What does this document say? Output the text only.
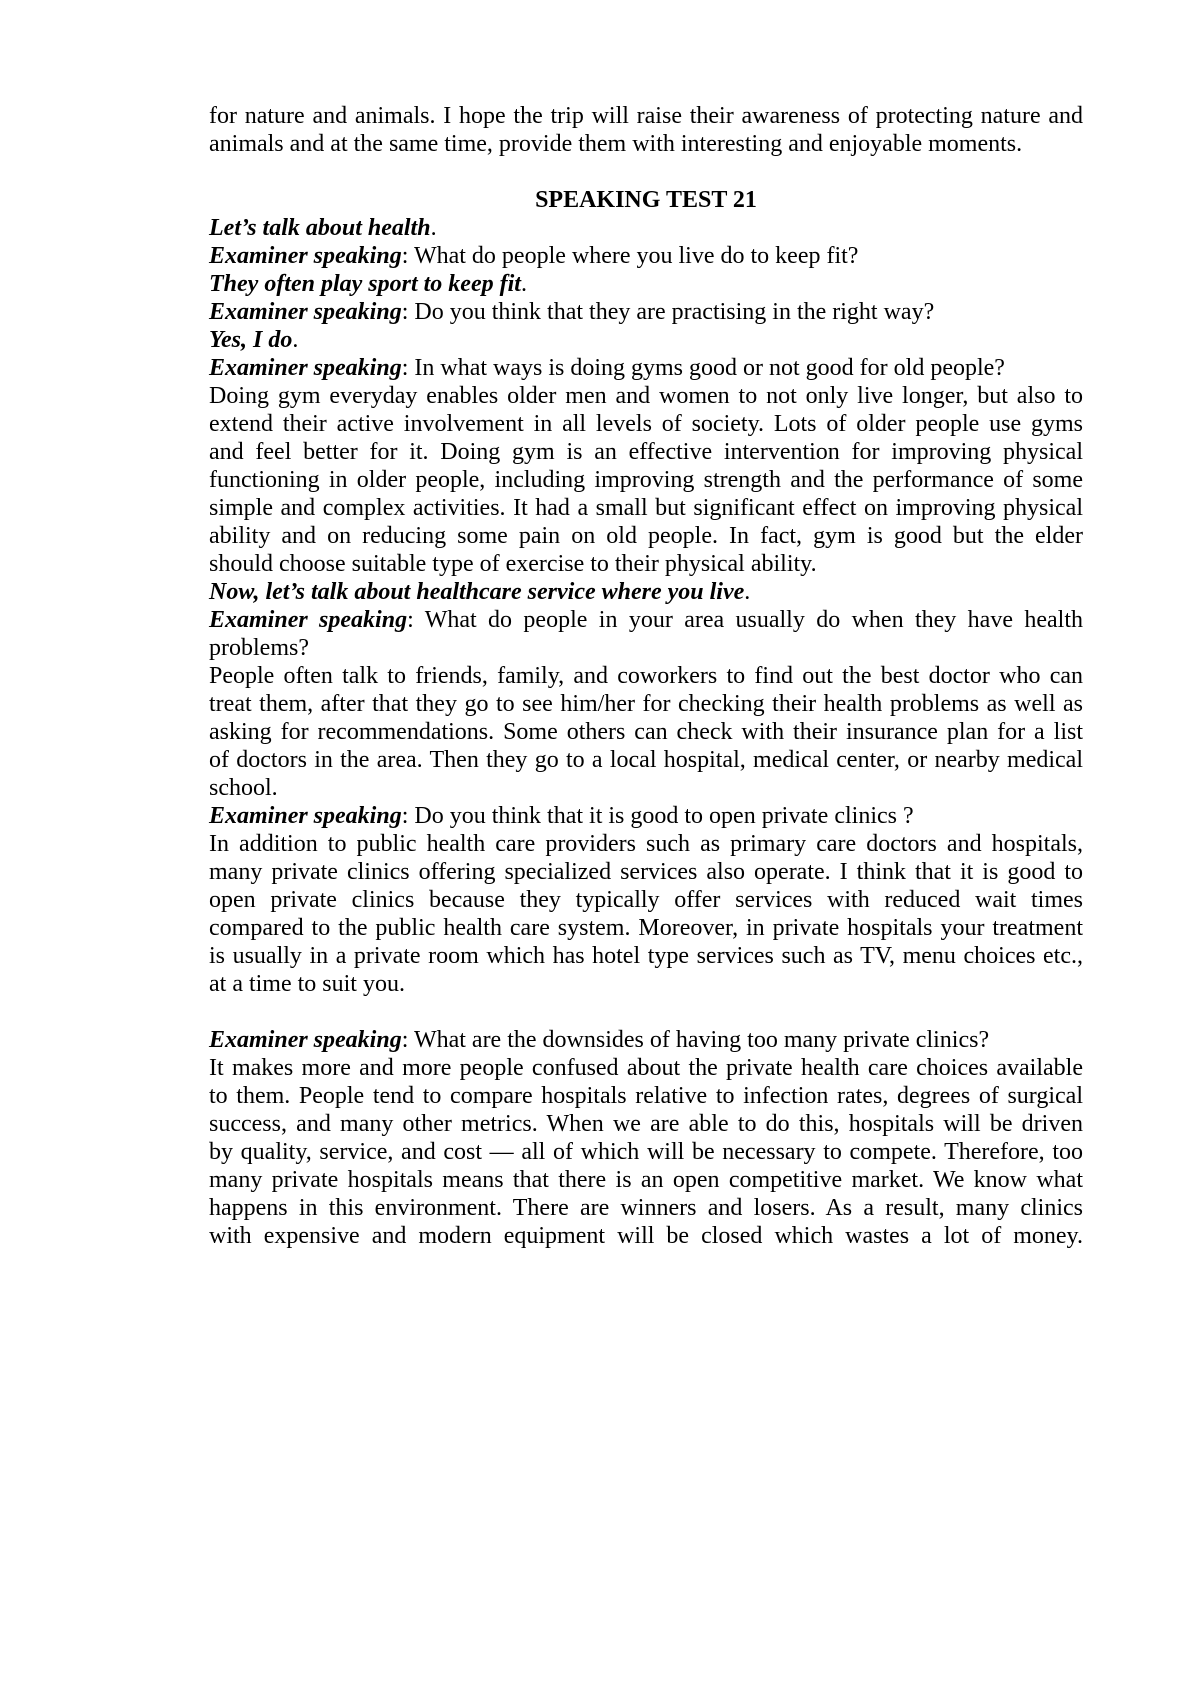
for nature and animals. I hope the trip will raise their awareness of protecting nature and
animals and at the same time, provide them with interesting and enjoyable moments.
SPEAKING TEST 21
Let’s talk about health.
Examiner speaking: What do people where you live do to keep fit?
They often play sport to keep fit.
Examiner speaking: Do you think that they are practising in the right way?
Yes, I do.
Examiner speaking: In what ways is doing gyms good or not good for old people?
Doing gym everyday enables older men and women to not only live longer, but also to
extend their active involvement in all levels of society. Lots of older people use gyms
and feel better for it. Doing gym is an effective intervention for improving physical
functioning in older people, including improving strength and the performance of some
simple and complex activities. It had a small but significant effect on improving physical
ability and on reducing some pain on old people. In fact, gym is good but the elder
should choose suitable type of exercise to their physical ability.
Now, let’s talk about healthcare service where you live.
Examiner speaking: What do people in your area usually do when they have health
problems?
People often talk to friends, family, and coworkers to find out the best doctor who can
treat them, after that they go to see him/her for checking their health problems as well as
asking for recommendations. Some others can check with their insurance plan for a list
of doctors in the area. Then they go to a local hospital, medical center, or nearby medical
school.
Examiner speaking: Do you think that it is good to open private clinics ?
In addition to public health care providers such as primary care doctors and hospitals,
many private clinics offering specialized services also operate. I think that it is good to
open private clinics because they typically offer services with reduced wait times
compared to the public health care system. Moreover, in private hospitals your treatment
is usually in a private room which has hotel type services such as TV, menu choices etc.,
at a time to suit you.
Examiner speaking: What are the downsides of having too many private clinics?
It makes more and more people confused about the private health care choices available
to them. People tend to compare hospitals relative to infection rates, degrees of surgical
success, and many other metrics. When we are able to do this, hospitals will be driven
by quality, service, and cost — all of which will be necessary to compete. Therefore, too
many private hospitals means that there is an open competitive market. We know what
happens in this environment. There are winners and losers. As a result, many clinics
with expensive and modern equipment will be closed which wastes a lot of money.
